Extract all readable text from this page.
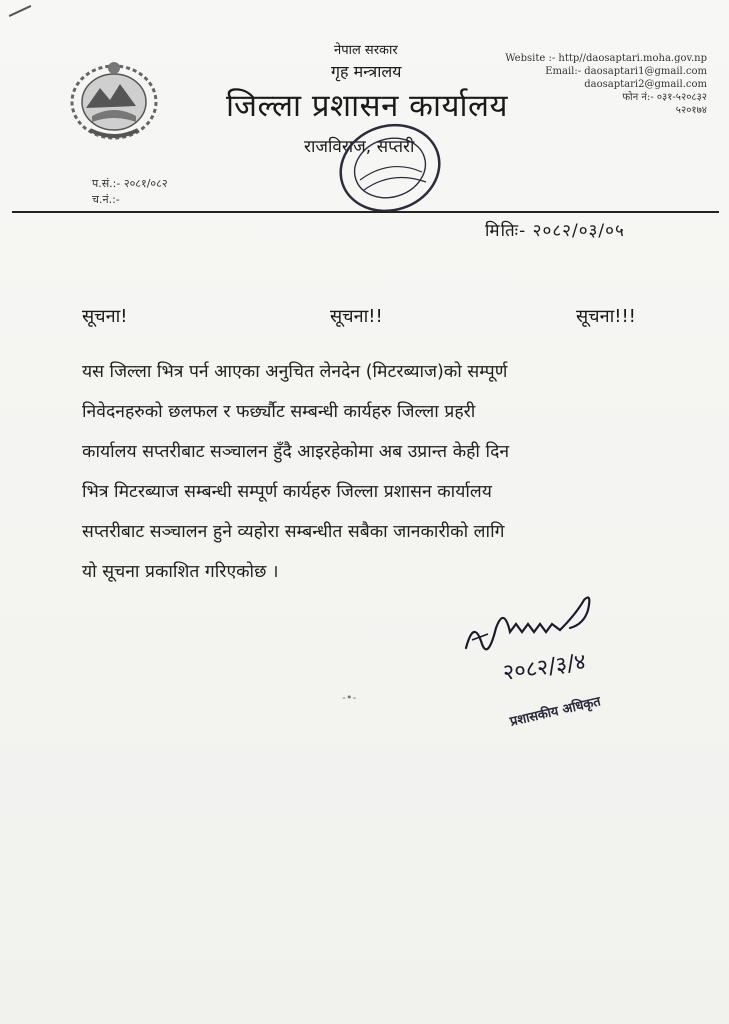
नेपाल सरकार
गृह मन्त्रालय
जिल्ला प्रशासन कार्यालय
राजविराज, सप्तरी
Website :- http//daosaptari.moha.gov.np
Email:- daosaptari1@gmail.com
daosaptari2@gmail.com
फोन नं:- ०३१-५२०८३२
५२०१७४
प.सं.:- २०८१/०८२
च.नं.:-
मितिः- २०८२/०३/०५
सूचना!	सूचना!!	सूचना!!!
यस जिल्ला भित्र पर्न आएका अनुचित लेनदेन (मिटरब्याज)को सम्पूर्ण
निवेदनहरुको छलफल र फर्छ्यौट सम्बन्धी कार्यहरु जिल्ला प्रहरी
कार्यालय सप्तरीबाट सञ्चालन हुँदै आइरहेकोमा अब उप्रान्त केही दिन
भित्र मिटरब्याज सम्बन्धी सम्पूर्ण कार्यहरु जिल्ला प्रशासन कार्यालय
सप्तरीबाट सञ्चालन हुने व्यहोरा सम्बन्धीत सबैका जानकारीको लागि
यो सूचना प्रकाशित गरिएकोछ ।
२०८२/३/४
-•-	प्रशासकीय अधिकृत
